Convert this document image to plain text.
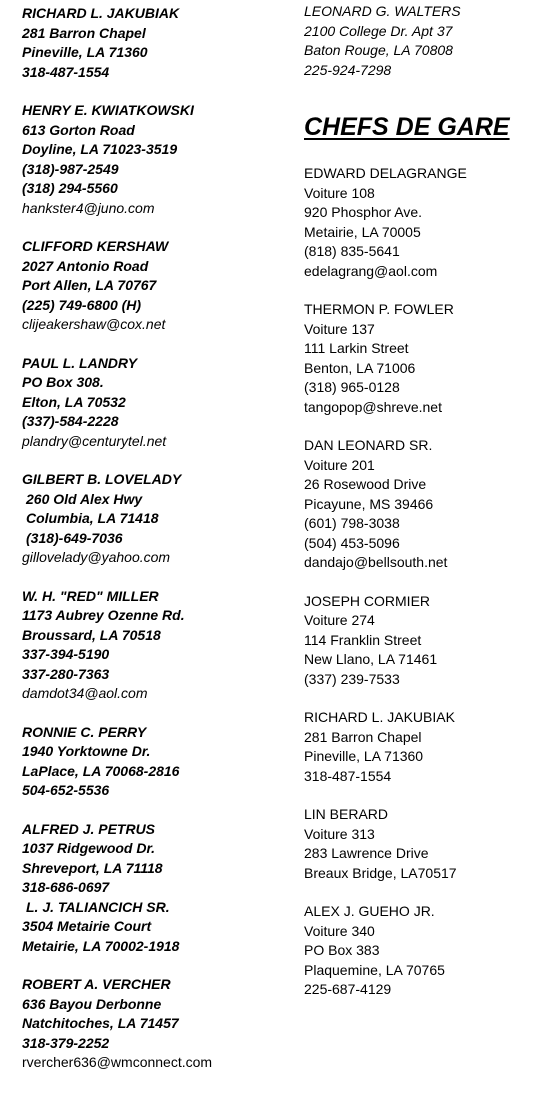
RICHARD L. JAKUBIAK
281 Barron Chapel
Pineville, LA 71360
318-487-1554
HENRY E. KWIATKOWSKI
613 Gorton Road
Doyline, LA 71023-3519
(318)-987-2549
(318) 294-5560
hankster4@juno.com
CLIFFORD KERSHAW
2027 Antonio Road
Port Allen, LA 70767
(225) 749-6800 (H)
clijeakershaw@cox.net
PAUL L. LANDRY
PO Box 308.
Elton, LA 70532
(337)-584-2228
plandry@centurytel.net
GILBERT B. LOVELADY
260 Old Alex Hwy
Columbia, LA 71418
(318)-649-7036
gillovelady@yahoo.com
W. H. "RED" MILLER
1173 Aubrey Ozenne Rd.
Broussard, LA 70518
337-394-5190
337-280-7363
damdot34@aol.com
RONNIE C. PERRY
1940 Yorktowne Dr.
LaPlace, LA 70068-2816
504-652-5536
ALFRED J. PETRUS
1037 Ridgewood Dr.
Shreveport, LA 71118
318-686-0697
L. J. TALIANCICH SR.
3504 Metairie Court
Metairie, LA 70002-1918
ROBERT A. VERCHER
636 Bayou Derbonne
Natchitoches, LA 71457
318-379-2252
rvercher636@wmconnect.com
LEONARD G. WALTERS
2100 College Dr. Apt 37
Baton Rouge, LA 70808
225-924-7298
CHEFS DE GARE
EDWARD DELAGRANGE
Voiture 108
920 Phosphor Ave.
Metairie, LA 70005
(818) 835-5641
edelagrang@aol.com
THERMON P. FOWLER
Voiture 137
111 Larkin Street
Benton, LA 71006
(318) 965-0128
tangopop@shreve.net
DAN LEONARD SR.
Voiture 201
26 Rosewood Drive
Picayune, MS 39466
(601) 798-3038
(504) 453-5096
dandajo@bellsouth.net
JOSEPH CORMIER
Voiture 274
114 Franklin Street
New Llano, LA 71461
(337) 239-7533
RICHARD L. JAKUBIAK
281 Barron Chapel
Pineville, LA 71360
318-487-1554
LIN BERARD
Voiture 313
283 Lawrence Drive
Breaux Bridge, LA70517
ALEX J. GUEHO JR.
Voiture 340
PO Box 383
Plaquemine, LA 70765
225-687-4129
